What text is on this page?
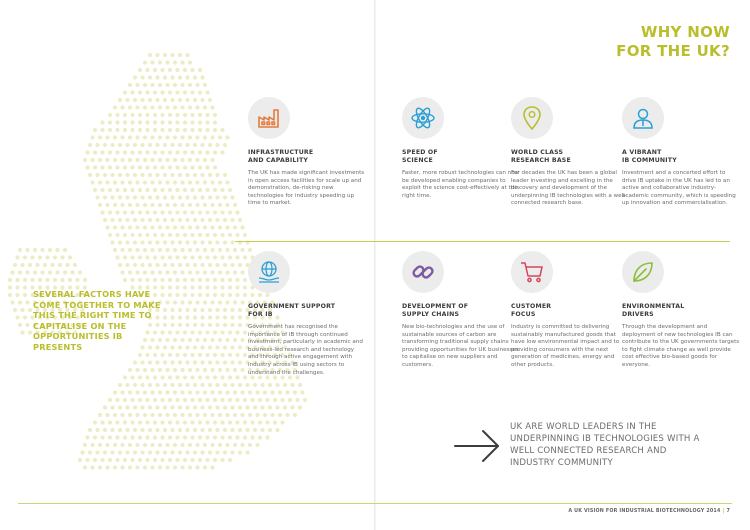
WHY NOW
FOR THE UK?
SEVERAL FACTORS HAVE COME TOGETHER TO MAKE THIS THE RIGHT TIME TO CAPITALISE ON THE OPPORTUNITIES IB PRESENTS
INFRASTRUCTURE
AND CAPABILITY
The UK has made significant investments in open access facilities for scale up and demonstration, de-risking new technologies for industry speeding up time to market.
SPEED OF
SCIENCE
Faster, more robust technologies can now be developed enabling companies to exploit the science cost-effectively at the right time.
WORLD CLASS
RESEARCH BASE
For decades the UK has been a global leader investing and excelling in the discovery and development of the underpinning IB technologies with a well-connected research base.
A VIBRANT
IB COMMUNITY
Investment and a concerted effort to drive IB uptake in the UK has led to an active and collaborative industry-academic community, which is speeding up innovation and commercialisation.
GOVERNMENT SUPPORT
FOR IB
Government has recognised the importance of IB through continued investment, particularly in academic and business-led research and technology and through active engagement with industry across IB using sectors to understand the challenges.
DEVELOPMENT OF
SUPPLY CHAINS
New bio-technologies and the use of sustainable sources of carbon are transforming traditional supply chains providing opportunities for UK businesses to capitalise on new suppliers and customers.
CUSTOMER
FOCUS
Industry is committed to delivering sustainably manufactured goods that have low environmental impact and to providing consumers with the next generation of medicines, energy and other products.
ENVIRONMENTAL
DRIVERS
Through the development and deployment of new technologies IB can contribute to the UK governments targets to fight climate change as well provide cost effective bio-based goods for everyone.
UK ARE WORLD LEADERS IN THE UNDERPINNING IB TECHNOLOGIES WITH A WELL CONNECTED RESEARCH AND INDUSTRY COMMUNITY
A UK VISION FOR INDUSTRIAL BIOTECHNOLOGY 2014 | 7
